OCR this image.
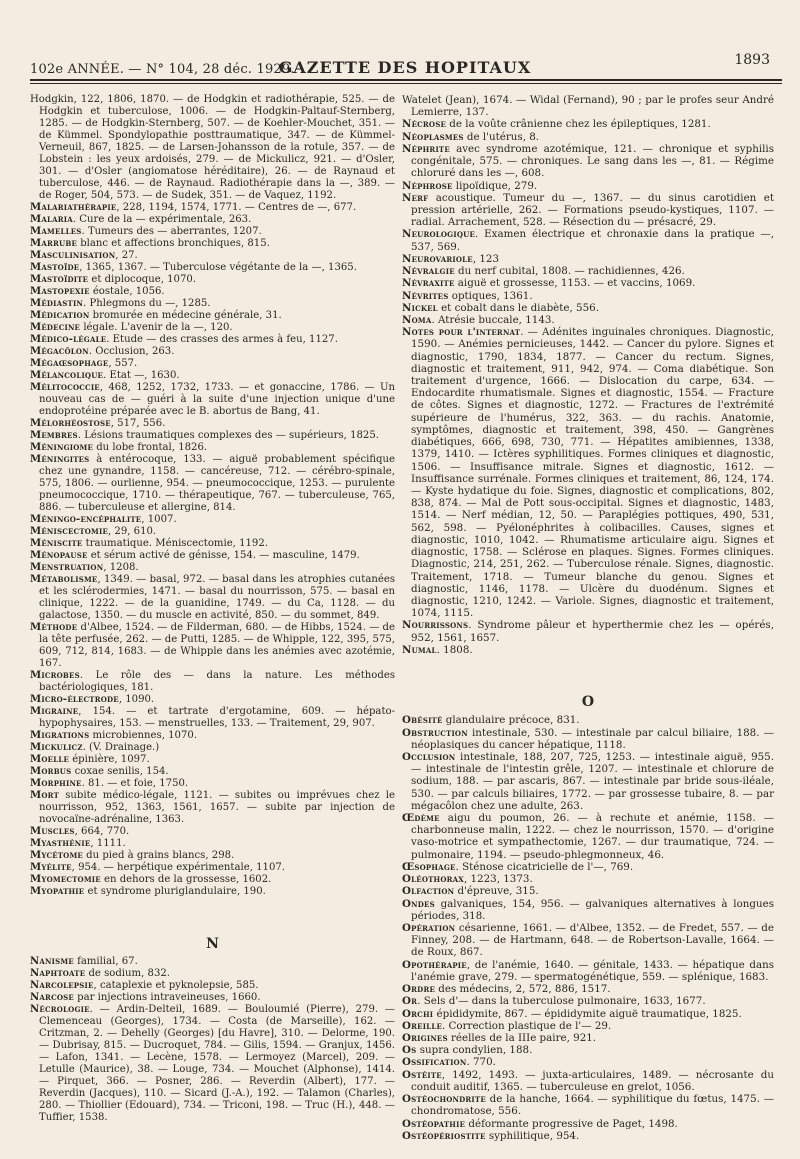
102e ANNÉE. — N° 104, 28 déc. 1929.
GAZETTE DES HOPITAUX	1893

Hodgkin, 122, 1806, 1870. — de Hodgkin et radiothérapie, 525. — de Hodgkin et tuberculose, 1006. — de Hodgkin-Paltauf-Sternberg, 1285. — de Hodgkin-Sternberg, 507. — de Koehler-Mouchet, 351. — de Kümmel. Spondylopathie posttraumatique, 347. — de Kümmel-Verneuil, 867, 1825. — de Larsen-Johansson de la rotule, 357. — de Lobstein : les yeux ardoisés, 279. — de Mickulicz, 921. — d'Osler, 301. — d'Osler (angiomatose héréditaire), 26. — de Raynaud et tuberculose, 446. — de Raynaud. Radiothérapie dans la —, 389. — de Roger, 504, 573. — de Sudek, 351. — de Vaquez, 1192.

Malariathérapie, 228, 1194, 1574, 1771. — Centres de —, 677.

Malaria. Cure de la — expérimentale, 263.

Mamelles. Tumeurs des — aberrantes, 1207.

Marrube blanc et affections bronchiques, 815.

Masculinisation, 27.

Mastoïde, 1365, 1367. — Tuberculose végétante de la —, 1365.

Mastoïdite et diplocoque, 1070.

Mastopexie éostale, 1056.

Médiastin. Phlegmons du —, 1285.

Médication bromurée en médecine générale, 31.

Médecine légale. L'avenir de la —, 120.

Médico-légale. Etude — des crasses des armes à feu, 1127.

Mégacôlon. Occlusion, 263.

Mégaœsophage, 557.

Mélancolique. Etat —, 1630.

Mélitococcie, 468, 1252, 1732, 1733. — et gonaccine, 1786. — Un nouveau cas de — guéri à la suite d'une injection unique d'une endoprotéine préparée avec le B. abortus de Bang, 41.

Mélorhéostose, 517, 556.

Membres. Lésions traumatiques complexes des — supérieurs, 1825.

Méningiome du lobe frontal, 1826.

Méningites à entérocoque, 133. — aiguë probablement spécifique chez une gynandre, 1158. — cancéreuse, 712. — cérébro-spinale, 575, 1806. — ourlienne, 954. — pneumococcique, 1253. — purulente pneumococcique, 1710. — thérapeutique, 767. — tuberculeuse, 765, 886. — tuberculeuse et allergine, 814.

Méningo-encéphalite, 1007.

Méniscectomie, 29, 610.

Méniscite traumatique. Méniscectomie, 1192.

Ménopause et sérum activé de génisse, 154. — masculine, 1479.

Menstruation, 1208.

Métabolisme, 1349. — basal, 972. — basal dans les atrophies cutanées et les sclérodermies, 1471. — basal du nourrisson, 575. — basal en clinique, 1222. — de la guanidine, 1749. — du Ca, 1128. — du galactose, 1350. — du muscle en activité, 850. — du sommet, 849.

Méthode d'Albee, 1524. — de Filderman, 680. — de Hibbs, 1524. — de la tête perfusée, 262. — de Putti, 1285. — de Whipple, 122, 395, 575, 609, 712, 814, 1683. — de Whipple dans les anémies avec azotémie, 167.

Microbes. Le rôle des — dans la nature. Les méthodes bactériologiques, 181.

Micro-électrode, 1090.

Migraine, 154. — et tartrate d'ergotamine, 609. — hépato-hypophysaires, 153. — menstruelles, 133. — Traitement, 29, 907.

Migrations microbiennes, 1070.

Mickulicz. (V. Drainage.)

Moelle épinière, 1097.

Morbus coxae senilis, 154.

Morphine. 81. — et foie, 1750.

Mort subite médico-légale, 1121. — subites ou imprévues chez le nourrisson, 952, 1363, 1561, 1657. — subite par injection de novocaïne-adrénaline, 1363.

Muscles, 664, 770.

Myasthénie, 1111.

Mycétome du pied à grains blancs, 298.

Myélite, 954. — herpétique expérimentale, 1107.

Myomectomie en dehors de la grossesse, 1602.

Myopathie et syndrome pluriglandulaire, 190.

N

Nanisme familial, 67.

Naphtoate de sodium, 832.

Narcolepsie, cataplexie et pyknolepsie, 585.

Narcose par injections intraveineuses, 1660.

Nécrologie. — Ardin-Delteil, 1689. — Bouloumié (Pierre), 279. — Clemenceau (Georges), 1734. — Costa (de Marseille), 162. — Critzman, 2. — Dehelly (Georges) [du Havre], 310. — Delorme, 190. — Dubrisay, 815. — Ducroquet, 784. — Gilis, 1594. — Granjux, 1456. — Lafon, 1341. — Lecène, 1578. — Lermoyez (Marcel), 209. — Letulle (Maurice), 38. — Louge, 734. — Mouchet (Alphonse), 1414. — Pirquet, 366. — Posner, 286. — Reverdin (Albert), 177. — Reverdin (Jacques), 110. — Sicard (J.-A.), 192. — Talamon (Charles), 280. — Thiollier (Edouard), 734. — Triconi, 198. — Truc (H.), 448. — Tuffier, 1538.

Watelet (Jean), 1674. — Widal (Fernand), 90 ; par le profes seur André Lemierre, 137.

Nécrose de la voûte crânienne chez les épileptiques, 1281.

Néoplasmes de l'utérus, 8.

Néphrite avec syndrome azotémique, 121. — chronique et syphilis congénitale, 575. — chroniques. Le sang dans les —, 81. — Régime chloruré dans les —, 608.

Néphrose lipoïdique, 279.

Nerf acoustique. Tumeur du —, 1367. — du sinus carotidien et pression artérielle, 262. — Formations pseudo-kystiques, 1107. — radial. Arrachement, 528. — Résection du — présacré, 29.

Neurologique. Examen électrique et chronaxie dans la pratique —, 537, 569.

Neurovariole, 123

Névralgie du nerf cubital, 1808. — rachidiennes, 426.

Névraxite aiguë et grossesse, 1153. — et vaccins, 1069.

Névrites optiques, 1361.

Nickel et cobalt dans le diabète, 556.

Noma. Atrésie buccale, 1143.

Notes pour l'internat. — Adénites inguinales chroniques. Diagnostic, 1590. — Anémies pernicieuses, 1442. — Cancer du pylore. Signes et diagnostic, 1790, 1834, 1877. — Cancer du rectum. Signes, diagnostic et traitement, 911, 942, 974. — Coma diabétique. Son traitement d'urgence, 1666. — Dislocation du carpe, 634. — Endocardite rhumatismale. Signes et diagnostic, 1554. — Fracture de côtes. Signes et diagnostic, 1272. — Fractures de l'extrémité supérieure de l'humérus, 322, 363. — du rachis. Anatomie, symptômes, diagnostic et traitement, 398, 450. — Gangrènes diabétiques, 666, 698, 730, 771. — Hépatites amibiennes, 1338, 1379, 1410. — Ictères syphilitiques. Formes cliniques et diagnostic, 1506. — Insuffisance mitrale. Signes et diagnostic, 1612. — Insuffisance surrénale. Formes cliniques et traitement, 86, 124, 174. — Kyste hydatique du foie. Signes, diagnostic et complications, 802, 838, 874. — Mal de Pott sous-occipital. Signes et diagnostic, 1483, 1514. — Nerf médian, 12, 50. — Paraplégies pottiques, 490, 531, 562, 598. — Pyélonéphrites à colibacilles. Causes, signes et diagnostic, 1010, 1042. — Rhumatisme articulaire aigu. Signes et diagnostic, 1758. — Sclérose en plaques. Signes. Formes cliniques. Diagnostic, 214, 251, 262. — Tuberculose rénale. Signes, diagnostic. Traitement, 1718. — Tumeur blanche du genou. Signes et diagnostic, 1146, 1178. — Ulcère du duodénum. Signes et diagnostic, 1210, 1242. — Variole. Signes, diagnostic et traitement, 1074, 1115.

Nourrissons. Syndrome pâleur et hyperthermie chez les — opérés, 952, 1561, 1657.

Numal. 1808.

O

Obésité glandulaire précoce, 831.

Obstruction intestinale, 530. — intestinale par calcul biliaire, 188. — néoplasiques du cancer hépatique, 1118.

Occlusion intestinale, 188, 207, 725, 1253. — intestinale aiguë, 955. — intestinale de l'intestin grêle, 1207. — intestinale et chlorure de sodium, 188. — par ascaris, 867. — intestinale par bride sous-iléale, 530. — par calculs biliaires, 1772. — par grossesse tubaire, 8. — par mégacôlon chez une adulte, 263.

Œdème aigu du poumon, 26. — à rechute et anémie, 1158. — charbonneuse malin, 1222. — chez le nourrisson, 1570. — d'origine vaso-motrice et sympathectomie, 1267. — dur traumatique, 724. — pulmonaire, 1194. — pseudo-phlegmonneux, 46.

Œsophage. Sténose cicatricielle de l'—, 769.

Oléothorax, 1223, 1373.

Olfaction d'épreuve, 315.

Ondes galvaniques, 154, 956. — galvaniques alternatives à longues périodes, 318.

Opération césarienne, 1661. — d'Albee, 1352. — de Fredet, 557. — de Finney, 208. — de Hartmann, 648. — de Robertson-Lavalle, 1664. — de Roux, 867.

Opothérapie, de l'anémie, 1640. — génitale, 1433. — hépatique dans l'anémie grave, 279. — spermatogénétique, 559. — splénique, 1683.

Ordre des médecins, 2, 572, 886, 1517.

Or. Sels d'— dans la tuberculose pulmonaire, 1633, 1677.

Orchi épididymite, 867. — épididymite aiguë traumatique, 1825.

Oreille. Correction plastique de l'— 29.

Origines réelles de la IIIe paire, 921.

Os supra condylien, 188.

Ossification. 770.

Ostéite, 1492, 1493. — juxta-articulaires, 1489. — nécrosante du conduit auditif, 1365. — tuberculeuse en grelot, 1056.

Ostéochondrite de la hanche, 1664. — syphilitique du fœtus, 1475. — chondromatose, 556.

Ostéopathie déformante progressive de Paget, 1498.

Ostéopériostite syphilitique, 954.
